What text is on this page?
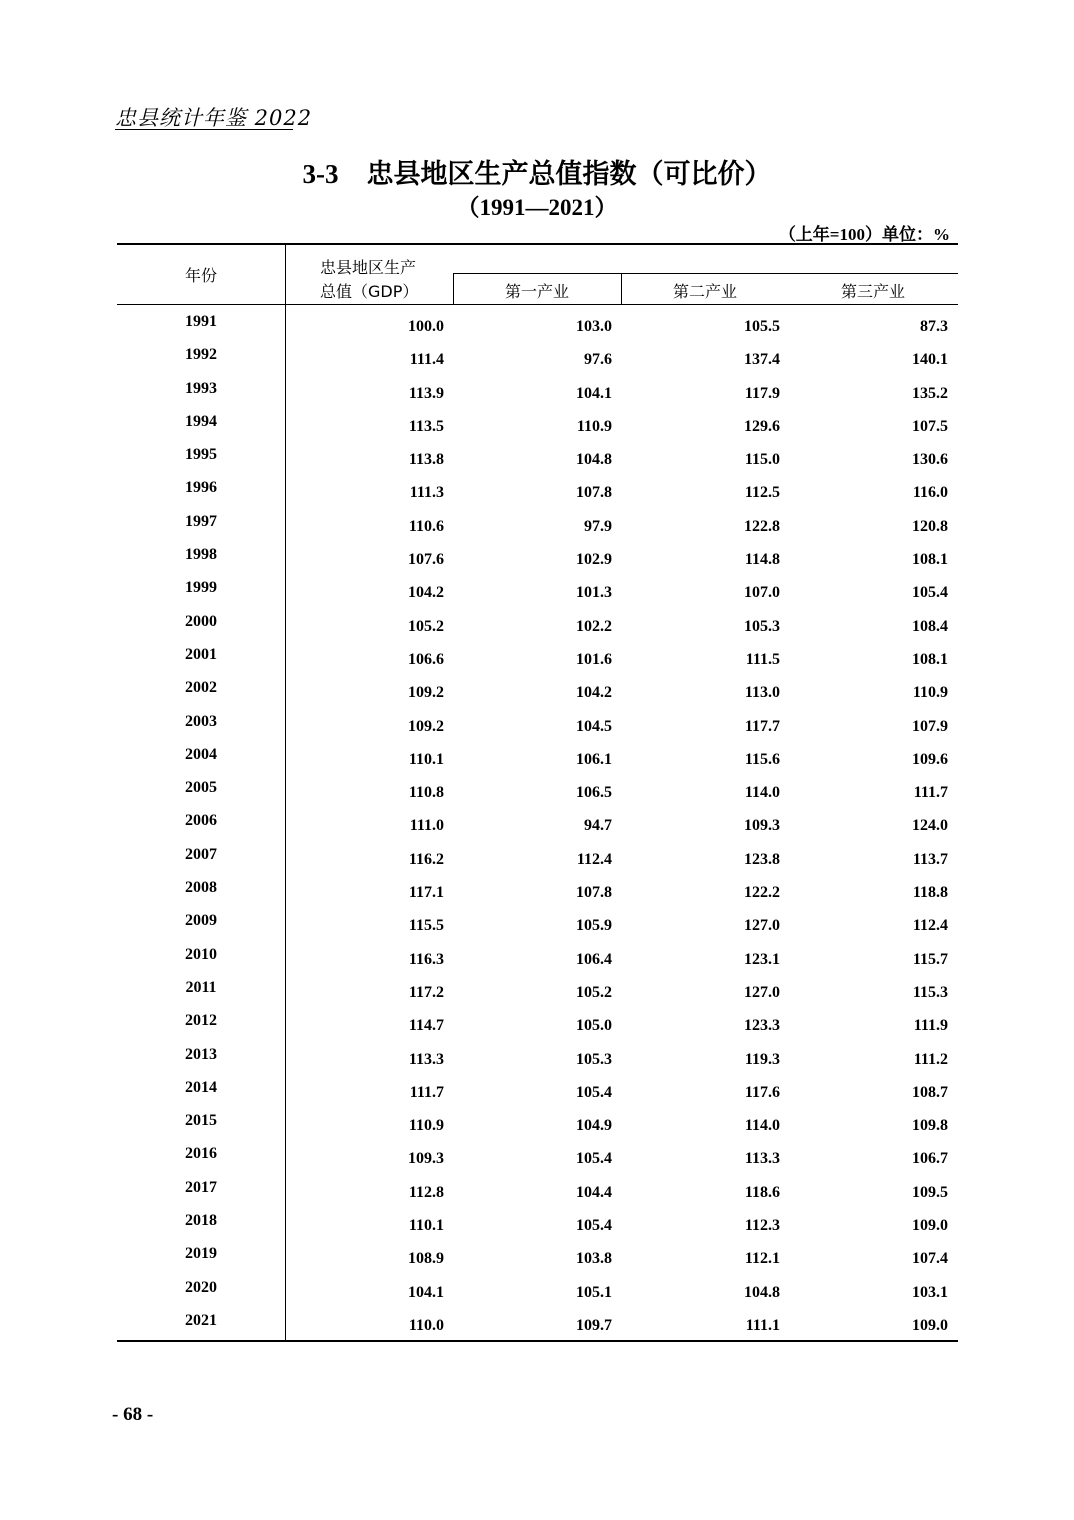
忠县统计年鉴 2022
3-3 忠县地区生产总值指数（可比价）
（1991—2021）
（上年=100）单位：%
年份	忠县地区生产
总值（GDP）	第一产业	第二产业	第三产业
1991	100.0	103.0	105.5	87.3
1992	111.4	97.6	137.4	140.1
1993	113.9	104.1	117.9	135.2
1994	113.5	110.9	129.6	107.5
1995	113.8	104.8	115.0	130.6
1996	111.3	107.8	112.5	116.0
1997	110.6	97.9	122.8	120.8
1998	107.6	102.9	114.8	108.1
1999	104.2	101.3	107.0	105.4
2000	105.2	102.2	105.3	108.4
2001	106.6	101.6	111.5	108.1
2002	109.2	104.2	113.0	110.9
2003	109.2	104.5	117.7	107.9
2004	110.1	106.1	115.6	109.6
2005	110.8	106.5	114.0	111.7
2006	111.0	94.7	109.3	124.0
2007	116.2	112.4	123.8	113.7
2008	117.1	107.8	122.2	118.8
2009	115.5	105.9	127.0	112.4
2010	116.3	106.4	123.1	115.7
2011	117.2	105.2	127.0	115.3
2012	114.7	105.0	123.3	111.9
2013	113.3	105.3	119.3	111.2
2014	111.7	105.4	117.6	108.7
2015	110.9	104.9	114.0	109.8
2016	109.3	105.4	113.3	106.7
2017	112.8	104.4	118.6	109.5
2018	110.1	105.4	112.3	109.0
2019	108.9	103.8	112.1	107.4
2020	104.1	105.1	104.8	103.1
2021	110.0	109.7	111.1	109.0
- 68 -
